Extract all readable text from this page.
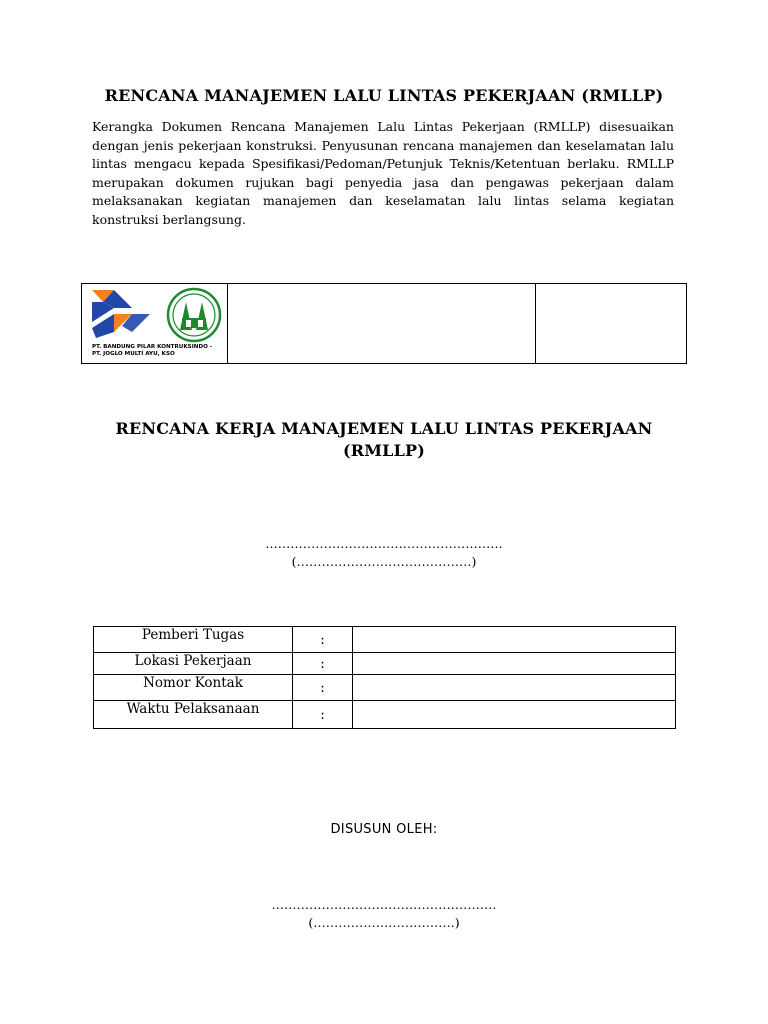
RENCANA MANAJEMEN LALU LINTAS PEKERJAAN (RMLLP)
Kerangka Dokumen Rencana Manajemen Lalu Lintas Pekerjaan (RMLLP) disesuaikan dengan jenis pekerjaan konstruksi. Penyusunan rencana manajemen dan keselamatan lalu lintas mengacu kepada Spesifikasi/Pedoman/Petunjuk Teknis/Ketentuan berlaku. RMLLP merupakan dokumen rujukan bagi penyedia jasa dan pengawas pekerjaan dalam melaksanakan kegiatan manajemen dan keselamatan lalu lintas selama kegiatan konstruksi berlangsung.
PT. BANDUNG PILAR KONTRUKSINDO -
PT. JOGLO MULTI AYU, KSO

RENCANA KERJA MANAJEMEN LALU LINTAS PEKERJAAN
(RMLLP)
…………………………………………………
(……………………………………)
Pemberi Tugas	:	
Lokasi Pekerjaan	:	
Nomor Kontak	:	
Waktu Pelaksanaan	:	
DISUSUN OLEH:
………………………………………………
(…………………………….)
